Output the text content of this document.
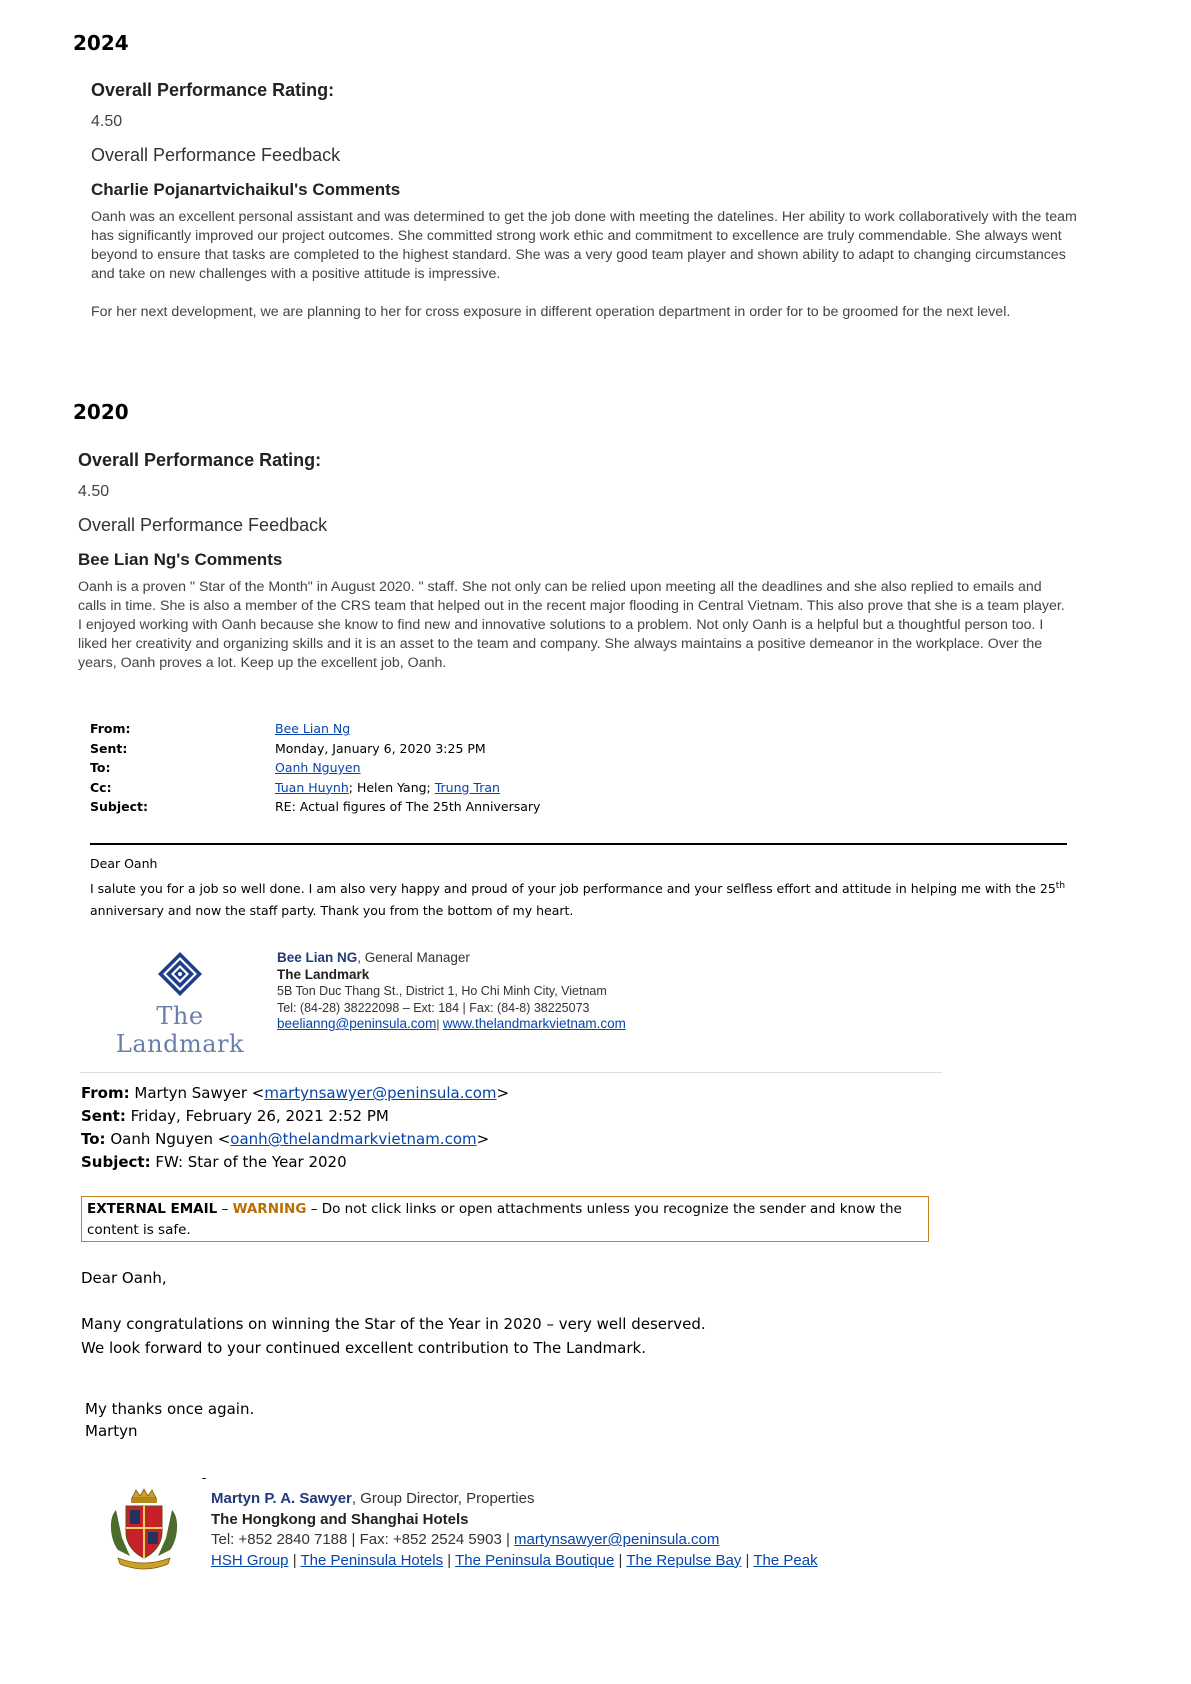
2024

Overall Performance Rating:

4.50

Overall Performance Feedback

Charlie Pojanartvichaikul's Comments

Oanh was an excellent personal assistant and was determined to get the job done with meeting the datelines. Her ability to work collaboratively with the team has significantly improved our project outcomes. She committed strong work ethic and commitment to excellence are truly commendable. She always went beyond to ensure that tasks are completed to the highest standard. She was a very good team player and shown ability to adapt to changing circumstances and take on new challenges with a positive attitude is impressive.

For her next development, we are planning to her for cross exposure in different operation department in order for to be groomed for the next level.

2020

Overall Performance Rating:

4.50

Overall Performance Feedback

Bee Lian Ng's Comments

Oanh is a proven " Star of the Month" in August 2020. " staff. She not only can be relied upon meeting all the deadlines and she also replied to emails and calls in time. She is also a member of the CRS team that helped out in the recent major flooding in Central Vietnam. This also prove that she is a team player. I enjoyed working with Oanh because she know to find new and innovative solutions to a problem. Not only Oanh is a helpful but a thoughtful person too. I liked her creativity and organizing skills and it is an asset to the team and company. She always maintains a positive demeanor in the workplace. Over the years, Oanh proves a lot. Keep up the excellent job, Oanh.

From:	Bee Lian Ng
Sent:	Monday, January 6, 2020 3:25 PM
To:	Oanh Nguyen
Cc:	Tuan Huynh; Helen Yang; Trung Tran
Subject:	RE: Actual figures of The 25th Anniversary
Dear Oanh
I salute you for a job so well done. I am also very happy and proud of your job performance and your selfless effort and attitude in helping me with the 25th anniversary and now the staff party. Thank you from the bottom of my heart.
The Landmark
Bee Lian NG, General Manager
The Landmark
5B Ton Duc Thang St., District 1, Ho Chi Minh City, Vietnam
Tel: (84-28) 38222098 – Ext: 184 | Fax: (84-8) 38225073
beelianng@peninsula.com| www.thelandmarkvietnam.com
From: Martyn Sawyer <martynsawyer@peninsula.com>
Sent: Friday, February 26, 2021 2:52 PM
To: Oanh Nguyen <oanh@thelandmarkvietnam.com>
Subject: FW: Star of the Year 2020
EXTERNAL EMAIL – WARNING – Do not click links or open attachments unless you recognize the sender and know the content is safe.
Dear Oanh,
Many congratulations on winning the Star of the Year in 2020 – very well deserved.
We look forward to your continued excellent contribution to The Landmark.
My thanks once again.
Martyn
-
Martyn P. A. Sawyer, Group Director, Properties
The Hongkong and Shanghai Hotels
Tel: +852 2840 7188 | Fax: +852 2524 5903 | martynsawyer@peninsula.com
HSH Group | The Peninsula Hotels | The Peninsula Boutique | The Repulse Bay | The Peak
